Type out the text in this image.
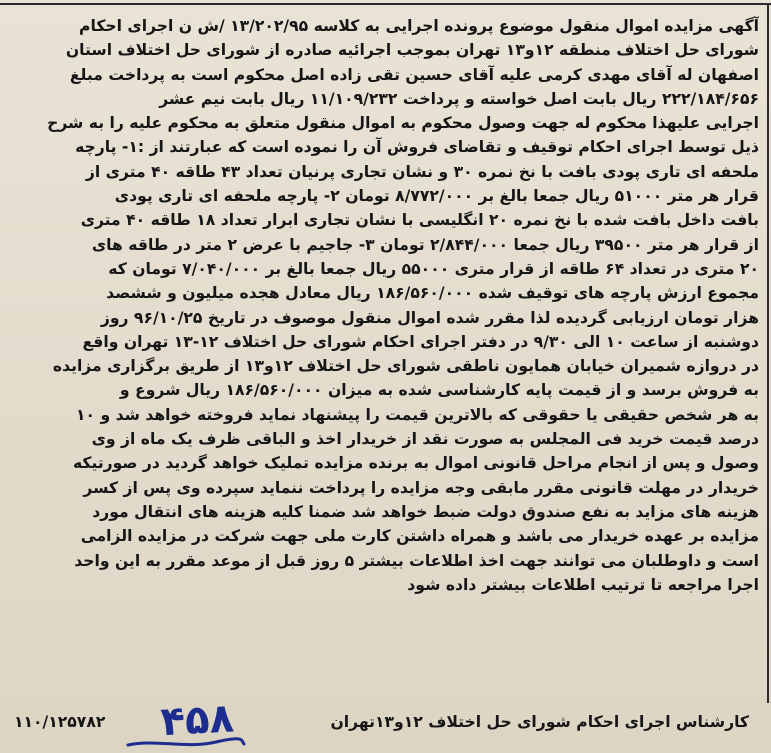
آگهی مزایده اموال منقول موضوع پرونده اجرایی به کلاسه ۱۳/۲۰۲/۹۵ /ش ن اجرای احکام
شورای حل اختلاف منطقه ۱۲و۱۳ تهران بموجب اجرائیه صادره از شورای حل اختلاف استان
اصفهان له آقای مهدی کرمی علیه آقای حسین تقی زاده اصل محکوم است به پرداخت مبلغ
۲۲۲/۱۸۴/۶۵۶ ریال بابت اصل خواسته و پرداخت ۱۱/۱۰۹/۲۳۲ ریال بابت نیم عشر
اجرایی علیهذا محکوم له جهت وصول محکوم به اموال منقول متعلق به محکوم علیه را به شرح
ذیل توسط اجرای احکام توقیف و تقاضای فروش آن را نموده است که عبارتند از :۱- پارچه
ملحفه ای تاری پودی بافت با نخ نمره ۳۰ و نشان تجاری پرنیان تعداد ۴۳ طاقه ۴۰ متری از
قرار هر متر ۵۱۰۰۰ ریال جمعا بالغ بر ۸/۷۷۲/۰۰۰ تومان ۲- پارچه ملحفه ای تاری پودی
بافت داخل بافت شده با نخ نمره ۲۰ انگلیسی با نشان تجاری ابرار تعداد ۱۸ طاقه ۴۰ متری
از قرار هر متر ۳۹۵۰۰ ریال جمعا ۲/۸۴۴/۰۰۰ تومان ۳- جاجیم با عرض ۲ متر در طاقه های
۲۰ متری در تعداد ۶۴ طاقه از قرار متری ۵۵۰۰۰ ریال جمعا بالغ بر ۷/۰۴۰/۰۰۰ تومان که
مجموع ارزش پارچه های توقیف شده ۱۸۶/۵۶۰/۰۰۰ ریال معادل هجده میلیون و ششصد
هزار تومان ارزیابی گردیده لذا مقرر شده اموال منقول موصوف در تاریخ ۹۶/۱۰/۲۵ روز
دوشنبه از ساعت ۱۰ الی ۹/۳۰ در دفتر اجرای احکام شورای حل اختلاف ۱۲-۱۳ تهران واقع
در دروازه شمیران خیابان همایون ناطقی شورای حل اختلاف ۱۲و۱۳ از طریق برگزاری مزایده
به فروش برسد و از قیمت پایه کارشناسی شده به میزان ۱۸۶/۵۶۰/۰۰۰ ریال شروع و
به هر شخص حقیقی یا حقوقی که بالاترین قیمت را پیشنهاد نماید فروخته خواهد شد و ۱۰
درصد قیمت خرید فی المجلس به صورت نقد از خریدار اخذ و الباقی ظرف یک ماه از وی
وصول و پس از انجام مراحل قانونی اموال به برنده مزایده تملیک خواهد گردید در صورتیکه
خریدار در مهلت قانونی مقرر مابقی وجه مزایده را پرداخت ننماید سپرده وی پس از کسر
هزینه های مزاید به نفع صندوق دولت ضبط خواهد شد ضمنا کلیه هزینه های انتقال مورد
مزایده بر عهده خریدار می باشد و همراه داشتن کارت ملی جهت شرکت در مزایده الزامی
است و داوطلبان می توانند جهت اخذ اطلاعات بیشتر ۵ روز قبل از موعد مقرر به این واحد
اجرا مراجعه تا ترتیب اطلاعات بیشتر داده شود
کارشناس اجرای احکام شورای حل اختلاف ۱۲و۱۳تهران
۱۱۰/۱۲۵۷۸۲	۴۵۸
